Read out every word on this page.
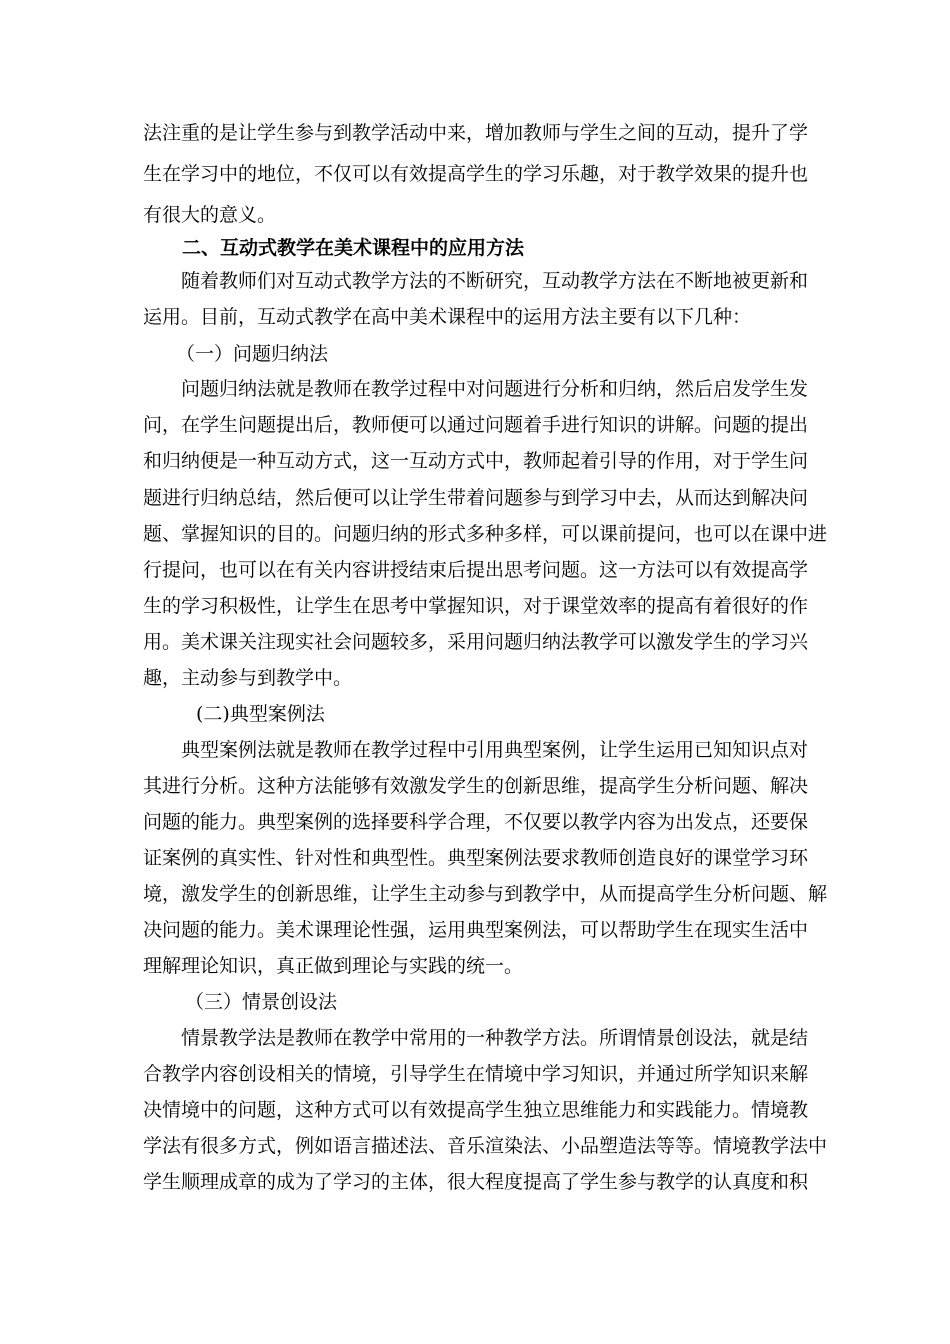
法注重的是让学生参与到教学活动中来，增加教师与学生之间的互动，提升了学
生在学习中的地位，不仅可以有效提高学生的学习乐趣，对于教学效果的提升也
有很大的意义。
二、互动式教学在美术课程中的应用方法
随着教师们对互动式教学方法的不断研究，互动教学方法在不断地被更新和
运用。目前，互动式教学在高中美术课程中的运用方法主要有以下几种：
（一）问题归纳法
问题归纳法就是教师在教学过程中对问题进行分析和归纳，然后启发学生发
问，在学生问题提出后，教师便可以通过问题着手进行知识的讲解。问题的提出
和归纳便是一种互动方式，这一互动方式中，教师起着引导的作用，对于学生问
题进行归纳总结，然后便可以让学生带着问题参与到学习中去，从而达到解决问
题、掌握知识的目的。问题归纳的形式多种多样，可以课前提问，也可以在课中进
行提问，也可以在有关内容讲授结束后提出思考问题。这一方法可以有效提高学
生的学习积极性，让学生在思考中掌握知识，对于课堂效率的提高有着很好的作
用。美术课关注现实社会问题较多，采用问题归纳法教学可以激发学生的学习兴
趣，主动参与到教学中。
(二)典型案例法
典型案例法就是教师在教学过程中引用典型案例，让学生运用已知知识点对
其进行分析。这种方法能够有效激发学生的创新思维，提高学生分析问题、解决
问题的能力。典型案例的选择要科学合理，不仅要以教学内容为出发点，还要保
证案例的真实性、针对性和典型性。典型案例法要求教师创造良好的课堂学习环
境，激发学生的创新思维，让学生主动参与到教学中，从而提高学生分析问题、解
决问题的能力。美术课理论性强，运用典型案例法，可以帮助学生在现实生活中
理解理论知识，真正做到理论与实践的统一。
（三）情景创设法
情景教学法是教师在教学中常用的一种教学方法。所谓情景创设法，就是结
合教学内容创设相关的情境，引导学生在情境中学习知识，并通过所学知识来解
决情境中的问题，这种方式可以有效提高学生独立思维能力和实践能力。情境教
学法有很多方式，例如语言描述法、音乐渲染法、小品塑造法等等。情境教学法中
学生顺理成章的成为了学习的主体，很大程度提高了学生参与教学的认真度和积
